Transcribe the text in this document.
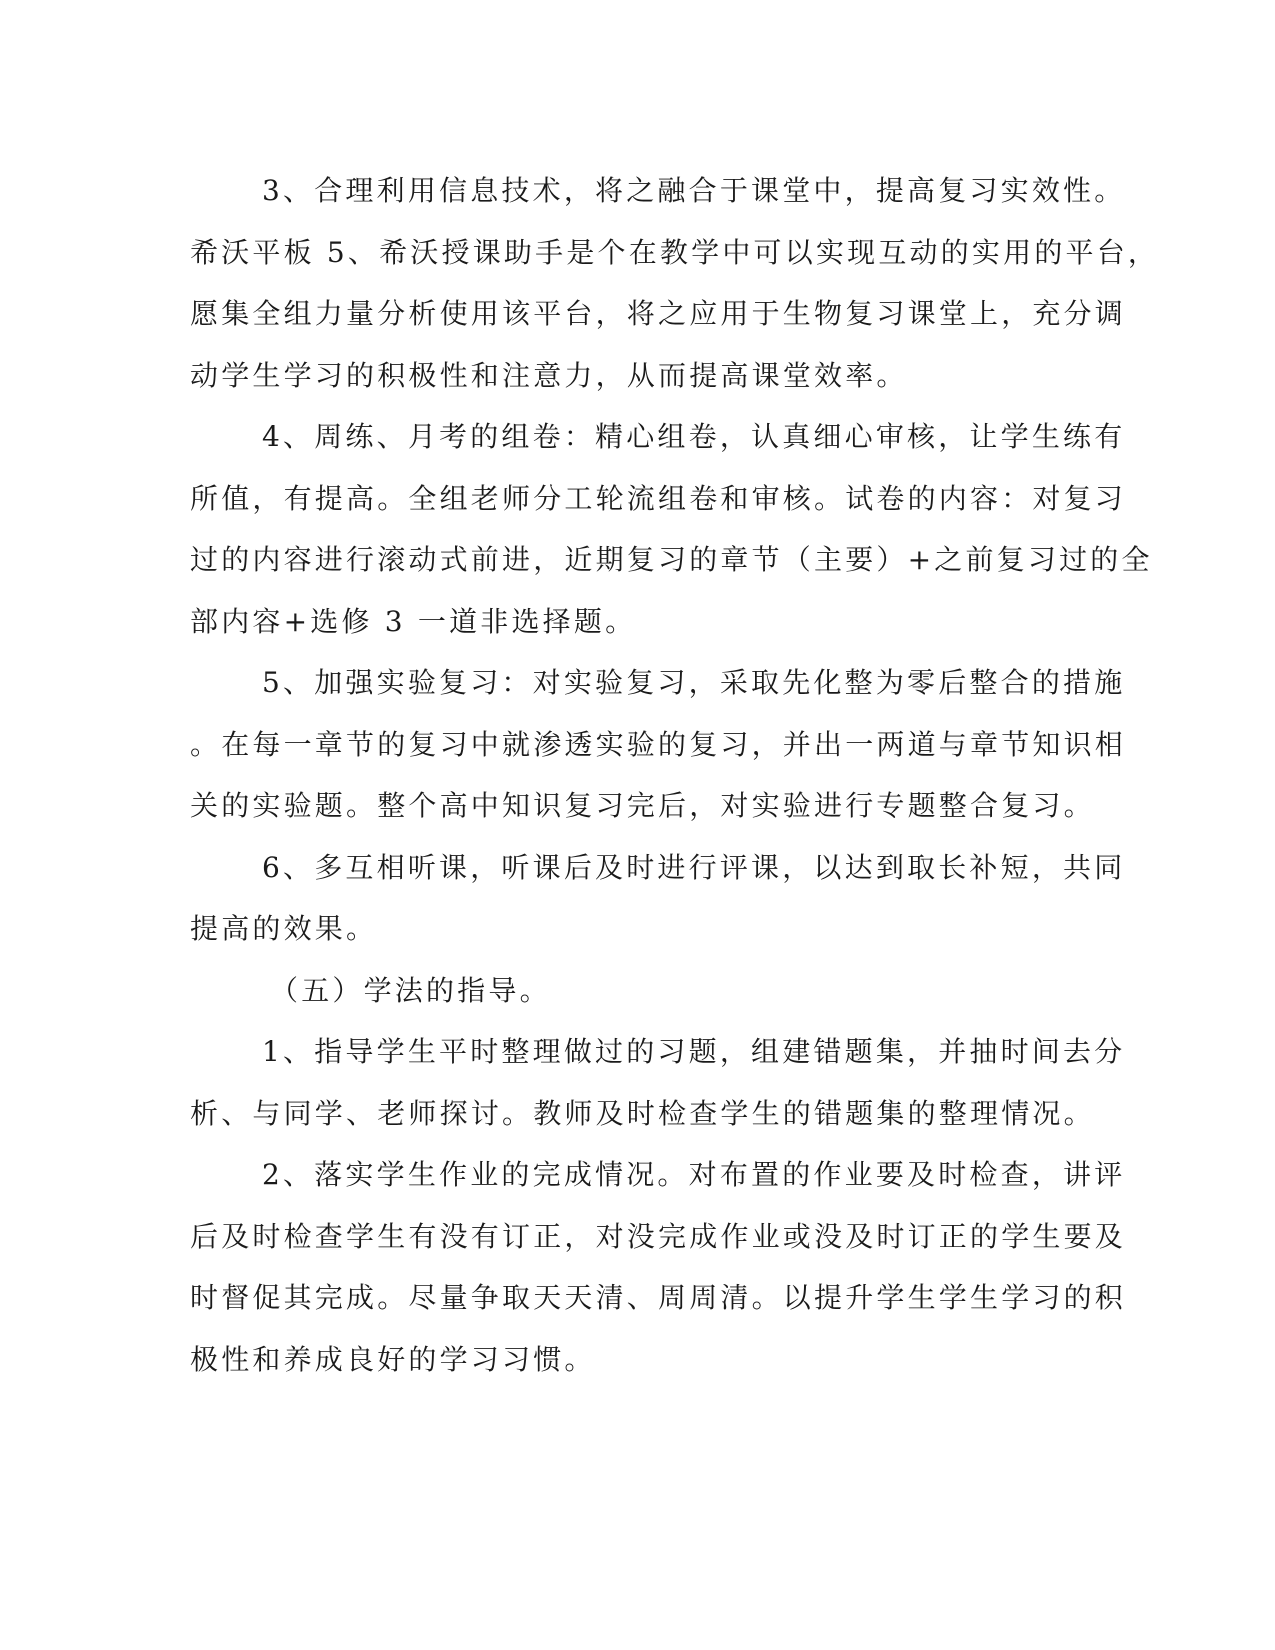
3、合理利用信息技术，将之融合于课堂中，提高复习实效性。
希沃平板 5、希沃授课助手是个在教学中可以实现互动的实用的平台，
愿集全组力量分析使用该平台，将之应用于生物复习课堂上，充分调
动学生学习的积极性和注意力，从而提高课堂效率。
4、周练、月考的组卷：精心组卷，认真细心审核，让学生练有
所值，有提高。全组老师分工轮流组卷和审核。试卷的内容：对复习
过的内容进行滚动式前进，近期复习的章节（主要）+之前复习过的全
部内容+选修 3 一道非选择题。
5、加强实验复习：对实验复习，采取先化整为零后整合的措施
。在每一章节的复习中就渗透实验的复习，并出一两道与章节知识相
关的实验题。整个高中知识复习完后，对实验进行专题整合复习。
6、多互相听课，听课后及时进行评课，以达到取长补短，共同
提高的效果。
（五）学法的指导。
1、指导学生平时整理做过的习题，组建错题集，并抽时间去分
析、与同学、老师探讨。教师及时检查学生的错题集的整理情况。
2、落实学生作业的完成情况。对布置的作业要及时检查，讲评
后及时检查学生有没有订正，对没完成作业或没及时订正的学生要及
时督促其完成。尽量争取天天清、周周清。以提升学生学生学习的积
极性和养成良好的学习习惯。
